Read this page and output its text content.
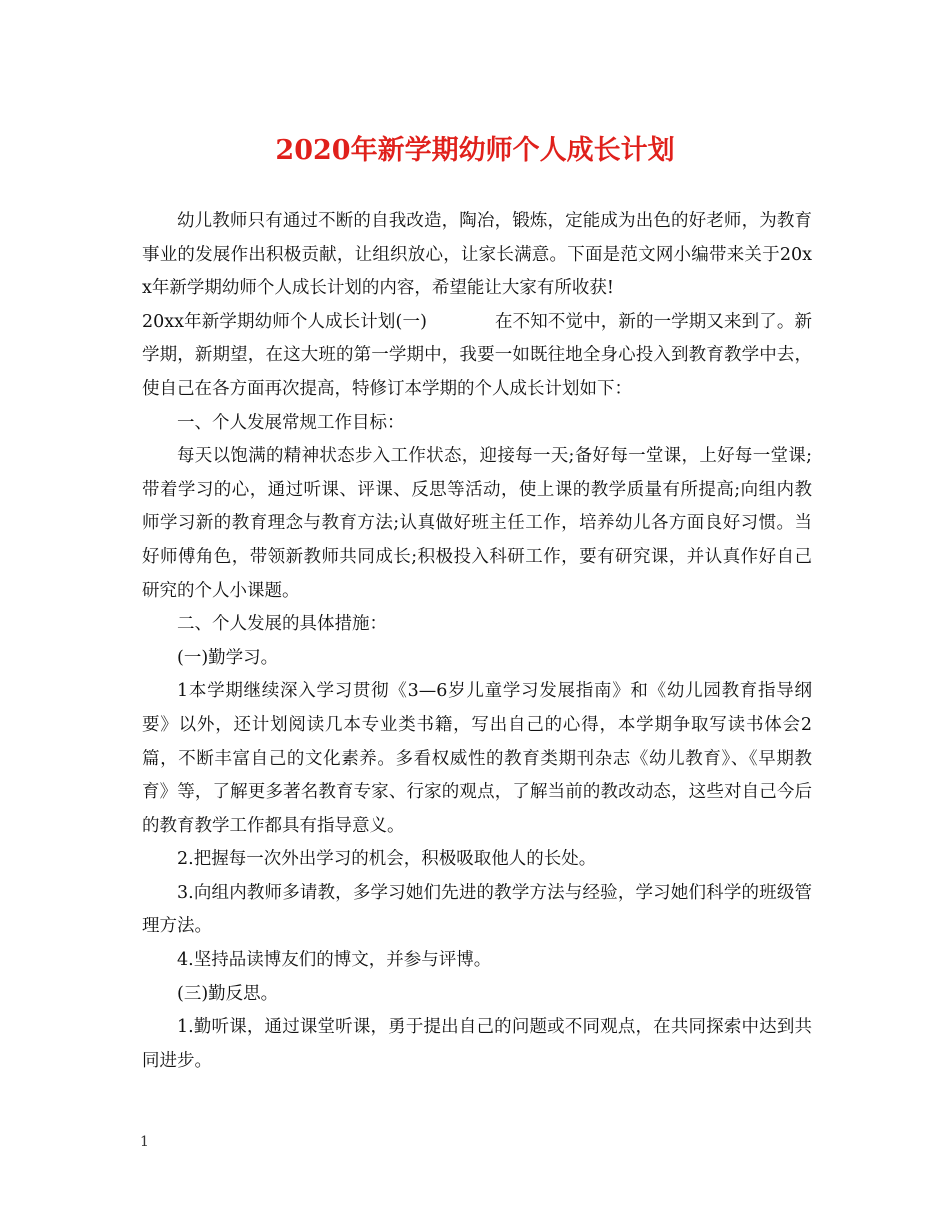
2020年新学期幼师个人成长计划

幼儿教师只有通过不断的自我改造，陶冶，锻炼，定能成为出色的好老师，为教育事业的发展作出积极贡献，让组织放心，让家长满意。下面是范文网小编带来关于20xx年新学期幼师个人成长计划的内容，希望能让大家有所收获!

20xx年新学期幼师个人成长计划(一)	在不知不觉中，新的一学期又来到了。新学期，新期望，在这大班的第一学期中，我要一如既往地全身心投入到教育教学中去，使自己在各方面再次提高，特修订本学期的个人成长计划如下：

一、个人发展常规工作目标：

每天以饱满的精神状态步入工作状态，迎接每一天;备好每一堂课，上好每一堂课;带着学习的心，通过听课、评课、反思等活动，使上课的教学质量有所提高;向组内教师学习新的教育理念与教育方法;认真做好班主任工作，培养幼儿各方面良好习惯。当好师傅角色，带领新教师共同成长;积极投入科研工作，要有研究课，并认真作好自己研究的个人小课题。

二、个人发展的具体措施：

(一)勤学习。

1本学期继续深入学习贯彻《3—6岁儿童学习发展指南》和《幼儿园教育指导纲要》以外，还计划阅读几本专业类书籍，写出自己的心得，本学期争取写读书体会2篇，不断丰富自己的文化素养。多看权威性的教育类期刊杂志《幼儿教育》、《早期教育》等，了解更多著名教育专家、行家的观点，了解当前的教改动态，这些对自己今后的教育教学工作都具有指导意义。

2.把握每一次外出学习的机会，积极吸取他人的长处。

3.向组内教师多请教，多学习她们先进的教学方法与经验，学习她们科学的班级管理方法。

4.坚持品读博友们的博文，并参与评博。

(三)勤反思。

1.勤听课，通过课堂听课，勇于提出自己的问题或不同观点，在共同探索中达到共同进步。

1
